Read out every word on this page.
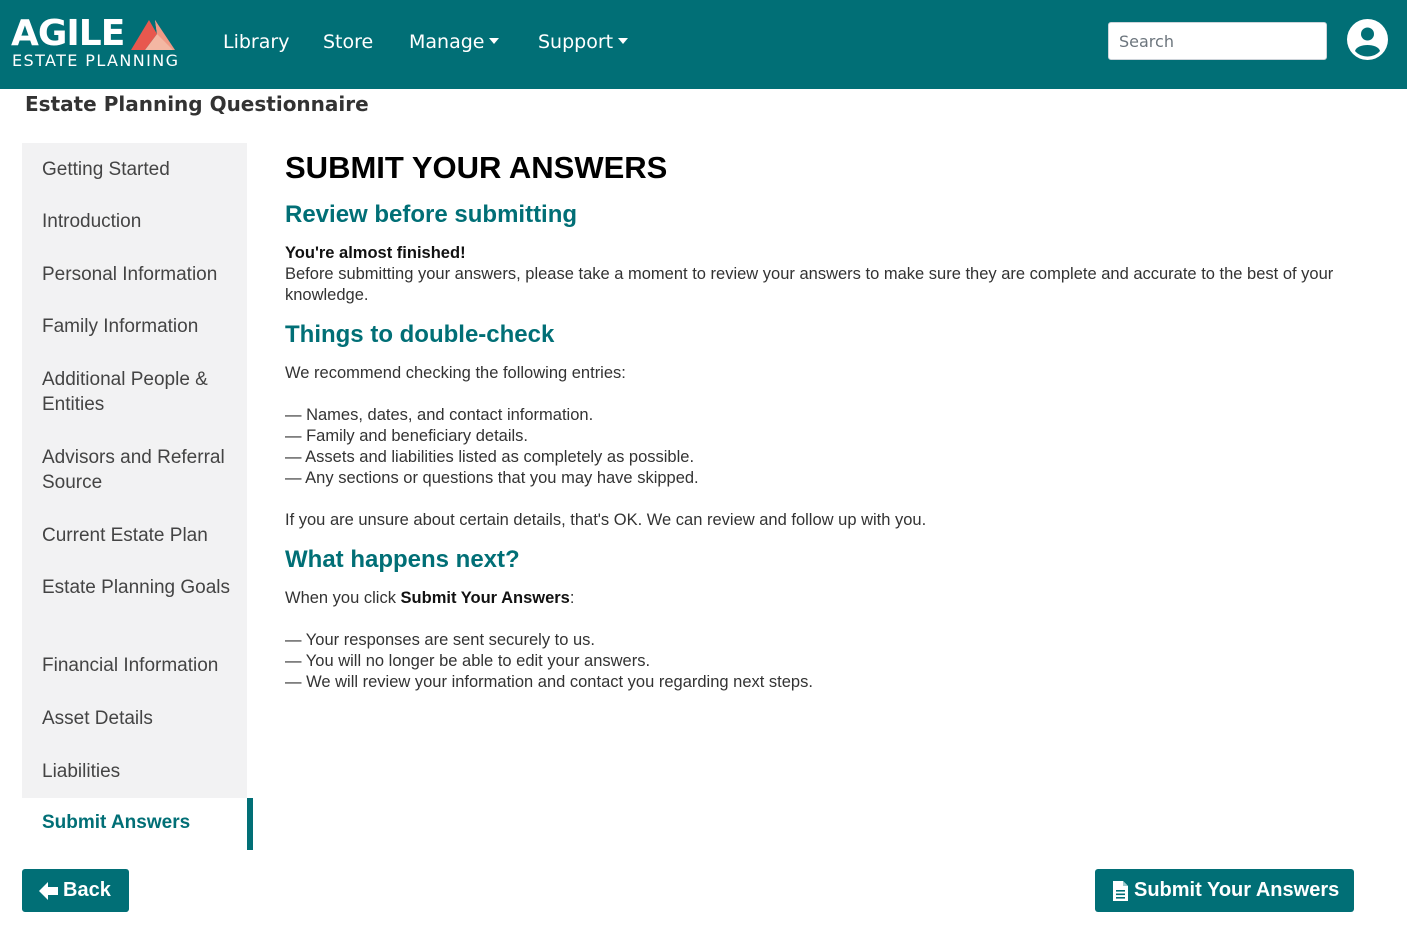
AGILE
ESTATE PLANNING
Library Store Manage	Support
Search
Estate Planning Questionnaire
Getting Started
Introduction
Personal Information
Family Information
Additional People & Entities
Advisors and Referral Source
Current Estate Plan
Estate Planning Goals
Financial Information
Asset Details
Liabilities
Submit Answers
SUBMIT YOUR ANSWERS
Review before submitting
You're almost finished!
Before submitting your answers, please take a moment to review your answers to make sure they are complete and accurate to the best of your knowledge.
Things to double-check
We recommend checking the following entries:
— Names, dates, and contact information.
— Family and beneficiary details.
— Assets and liabilities listed as completely as possible.
— Any sections or questions that you may have skipped.
If you are unsure about certain details, that's OK. We can review and follow up with you.
What happens next?
When you click Submit Your Answers:
— Your responses are sent securely to us.
— You will no longer be able to edit your answers.
— We will review your information and contact you regarding next steps.
Back	Submit Your Answers
